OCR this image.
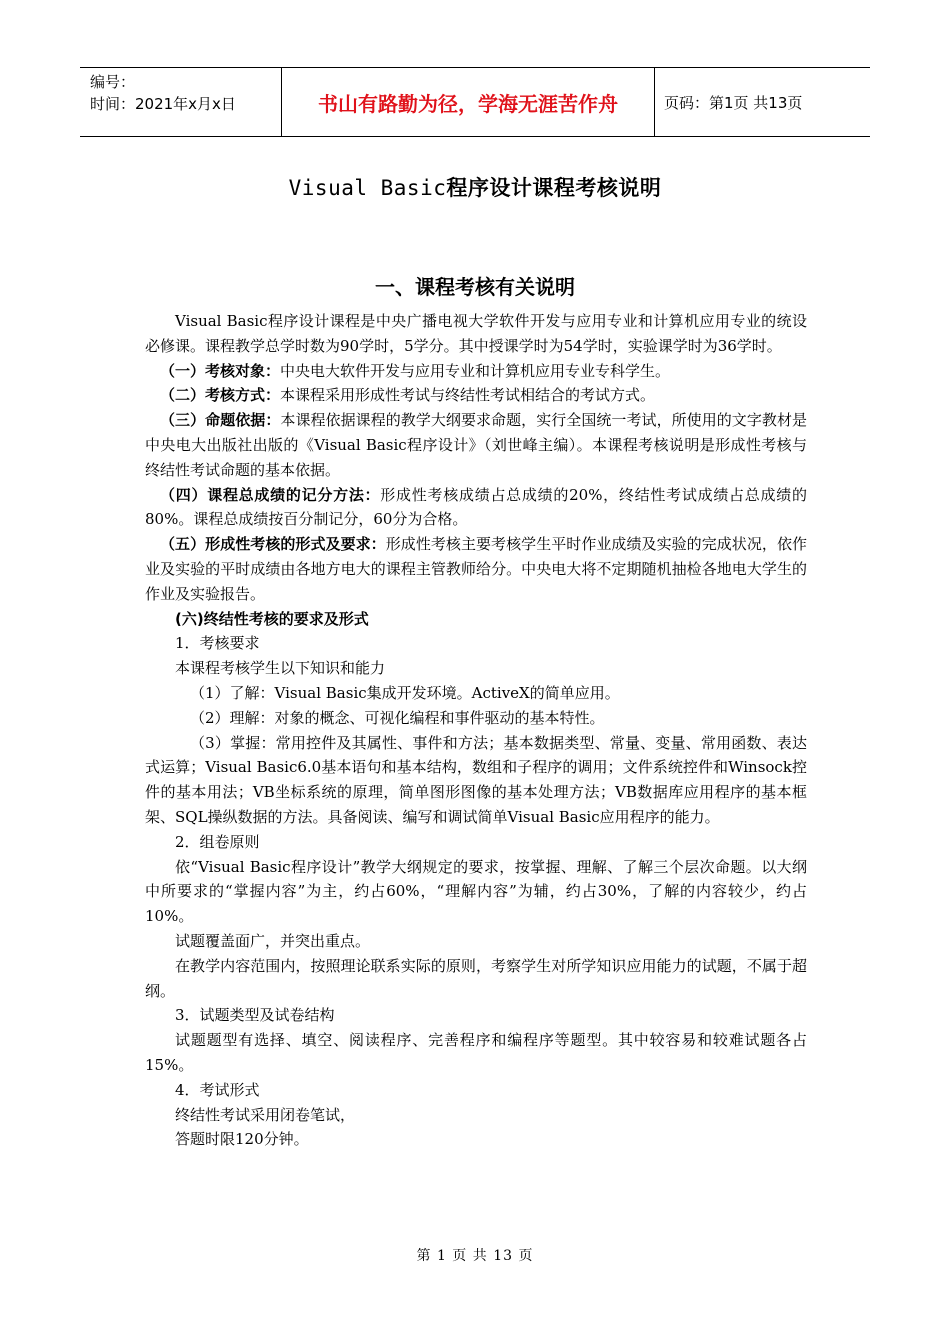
编号：
时间：2021年x月x日	书山有路勤为径，学海无涯苦作舟	页码：第1页 共13页
Visual Basic程序设计课程考核说明
一、课程考核有关说明

Visual Basic程序设计课程是中央广播电视大学软件开发与应用专业和计算机应用专业的统设必修课。课程教学总学时数为90学时，5学分。其中授课学时为54学时，实验课学时为36学时。

（一）考核对象：中央电大软件开发与应用专业和计算机应用专业专科学生。

（二）考核方式：本课程采用形成性考试与终结性考试相结合的考试方式。

（三）命题依据：本课程依据课程的教学大纲要求命题，实行全国统一考试，所使用的文字教材是中央电大出版社出版的《Visual Basic程序设计》（刘世峰主编）。本课程考核说明是形成性考核与终结性考试命题的基本依据。

（四）课程总成绩的记分方法：形成性考核成绩占总成绩的20%，终结性考试成绩占总成绩的80%。课程总成绩按百分制记分，60分为合格。

（五）形成性考核的形式及要求：形成性考核主要考核学生平时作业成绩及实验的完成状况，依作业及实验的平时成绩由各地方电大的课程主管教师给分。中央电大将不定期随机抽检各地电大学生的作业及实验报告。

(六)终结性考核的要求及形式

1．考核要求

本课程考核学生以下知识和能力

（1）了解：Visual Basic集成开发环境。ActiveX的简单应用。

（2）理解：对象的概念、可视化编程和事件驱动的基本特性。

（3）掌握：常用控件及其属性、事件和方法；基本数据类型、常量、变量、常用函数、表达式运算；Visual Basic6.0基本语句和基本结构，数组和子程序的调用；文件系统控件和Winsock控件的基本用法；VB坐标系统的原理，简单图形图像的基本处理方法；VB数据库应用程序的基本框架、SQL操纵数据的方法。具备阅读、编写和调试简单Visual Basic应用程序的能力。

2．组卷原则

依“Visual Basic程序设计”教学大纲规定的要求，按掌握、理解、了解三个层次命题。以大纲中所要求的“掌握内容”为主，约占60%，“理解内容”为辅，约占30%，了解的内容较少，约占10%。

试题覆盖面广，并突出重点。

在教学内容范围内，按照理论联系实际的原则，考察学生对所学知识应用能力的试题，不属于超纲。

3．试题类型及试卷结构

试题题型有选择、填空、阅读程序、完善程序和编程序等题型。其中较容易和较难试题各占15%。

4．考试形式

终结性考试采用闭卷笔试，

答题时限120分钟。

第 1 页 共 13 页
